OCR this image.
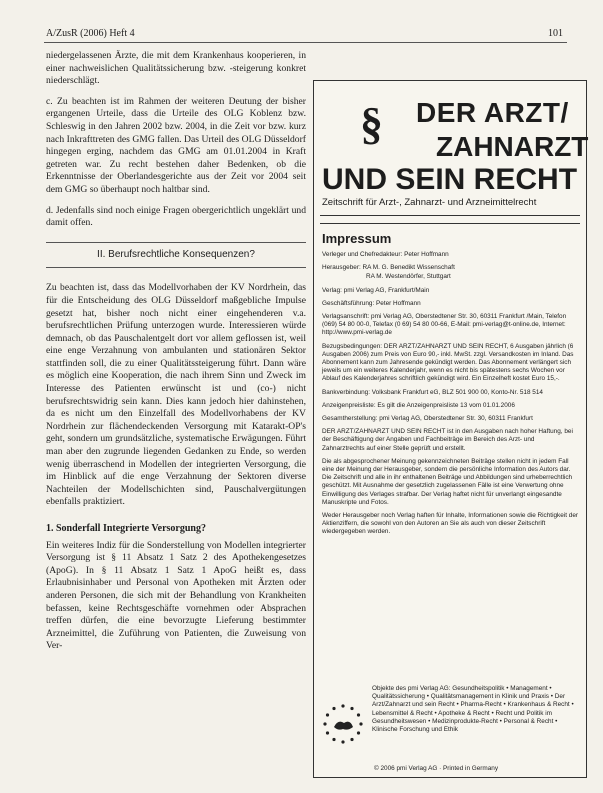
A/ZusR (2006) Heft 4	101

niedergelassenen Ärzte, die mit dem Krankenhaus kooperieren, in einer nachweislichen Qualitätssicherung bzw. -steigerung konkret niederschlägt.

c. Zu beachten ist im Rahmen der weiteren Deutung der bisher ergangenen Urteile, dass die Urteile des OLG Koblenz bzw. Schleswig in den Jahren 2002 bzw. 2004, in die Zeit vor bzw. kurz nach Inkrafttreten des GMG fallen. Das Urteil des OLG Düsseldorf hingegen erging, nachdem das GMG am 01.01.2004 in Kraft getreten war. Zu recht bestehen daher Bedenken, ob die Erkenntnisse der Oberlandesgerichte aus der Zeit vor 2004 seit dem GMG so überhaupt noch haltbar sind.

d. Jedenfalls sind noch einige Fragen obergerichtlich ungeklärt und damit offen.

II. Berufsrechtliche Konsequenzen?

Zu beachten ist, dass das Modellvorhaben der KV Nordrhein, das für die Entscheidung des OLG Düsseldorf maßgebliche Impulse gesetzt hat, bisher noch nicht einer eingehenderen v.a. berufsrechtlichen Prüfung unterzogen wurde. Interessieren würde demnach, ob das Pauschalentgelt dort vor allem geflossen ist, weil eine enge Verzahnung von ambulanten und stationären Sektor stattfinden soll, die zu einer Qualitätssteigerung führt. Dann wäre es möglich eine Kooperation, die nach ihrem Sinn und Zweck im Interesse des Patienten erwünscht ist und (co-) nicht berufsrechtswidrig sein kann. Dies kann jedoch hier dahinstehen, da es nicht um den Einzelfall des Modellvorhabens der KV Nordrhein zur flächendeckenden Versorgung mit Katarakt-OP's geht, sondern um grundsätzliche, systematische Erwägungen. Führt man aber den zugrunde liegenden Gedanken zu Ende, so werden wenig überraschend in Modellen der integrierten Versorgung, die im Hinblick auf die enge Verzahnung der Sektoren diverse Nachteilen der Modellschichten sind, Pauschalvergütungen ebenfalls praktiziert.

1. Sonderfall Integrierte Versorgung?

Ein weiteres Indiz für die Sonderstellung von Modellen integrierter Versorgung ist § 11 Absatz 1 Satz 2 des Apothekengesetzes (ApoG). In § 11 Absatz 1 Satz 1 ApoG heißt es, dass Erlaubnisinhaber und Personal von Apotheken mit Ärzten oder anderen Personen, die sich mit der Behandlung von Krankheiten befassen, keine Rechtsgeschäfte vornehmen oder Absprachen treffen dürfen, die eine bevorzugte Lieferung bestimmter Arzneimittel, die Zuführung von Patienten, die Zuweisung von Ver-

§ DER ARZT/
ZAHNARZT
UND SEIN RECHT
Zeitschrift für Arzt-, Zahnarzt- und Arzneimittelrecht
Impressum

Verleger und Chefredakteur: Peter Hoffmann

Herausgeber: RA M. G. Benedikt Wissenschaft

RA M. Westendörfer, Stuttgart

Verlag: pmi Verlag AG, Frankfurt/Main

Geschäftsführung: Peter Hoffmann

Verlagsanschrift: pmi Verlag AG, Oberstedtener Str. 30, 60311 Frankfurt /Main, Telefon (069) 54 80 00-0, Telefax (0 69) 54 80 00-66, E-Mail: pmi-verlag@t-online.de, Internet: http://www.pmi-verlag.de

Bezugsbedingungen: DER ARZT/ZAHNARZT UND SEIN RECHT, 6 Ausgaben jährlich (6 Ausgaben 2006) zum Preis von Euro 90,- inkl. MwSt. zzgl. Versandkosten im Inland. Das Abonnement kann zum Jahresende gekündigt werden. Das Abonnement verlängert sich jeweils um ein weiteres Kalenderjahr, wenn es nicht bis spätestens sechs Wochen vor Ablauf des Kalenderjahres schriftlich gekündigt wird. Ein Einzelheft kostet Euro 15,-.

Bankverbindung: Volksbank Frankfurt eG, BLZ 501 900 00, Konto-Nr. 518 514

Anzeigenpreisliste: Es gilt die Anzeigenpreisliste 13 vom 01.01.2006

Gesamtherstellung: pmi Verlag AG, Oberstedtener Str. 30, 60311 Frankfurt

DER ARZT/ZAHNARZT UND SEIN RECHT ist in den Ausgaben nach hoher Haftung, bei der Beschäftigung der Angaben und Fachbeiträge im Bereich des Arzt- und Zahnarztrechts auf einer Stelle geprüft und erstellt.

Die als abgesprochener Meinung gekennzeichneten Beiträge stellen nicht in jedem Fall eine der Meinung der Herausgeber, sondern die persönliche Information des Autors dar. Die Zeitschrift und alle in ihr enthaltenen Beiträge und Abbildungen sind urheberrechtlich geschützt. Mit Ausnahme der gesetzlich zugelassenen Fälle ist eine Verwertung ohne Einwilligung des Verlages strafbar. Der Verlag haftet nicht für unverlangt eingesandte Manuskripte und Fotos.

Weder Herausgeber noch Verlag haften für Inhalte, Informationen sowie die Richtigkeit der Aktienziffern, die sowohl von den Autoren an Sie als auch von dieser Zeitschrift wiedergegeben werden.

Objekte des pmi Verlag AG: Gesundheitspolitik • Management • Qualitätssicherung • Qualitätsmanagement in Klinik und Praxis • Der Arzt/Zahnarzt und sein Recht • Pharma-Recht • Krankenhaus & Recht • Lebensmittel & Recht • Apotheke & Recht • Recht und Politik im Gesundheitswesen • Medizinprodukte-Recht • Personal & Recht • Klinische Forschung und Ethik
© 2006 pmi Verlag AG · Printed in Germany
